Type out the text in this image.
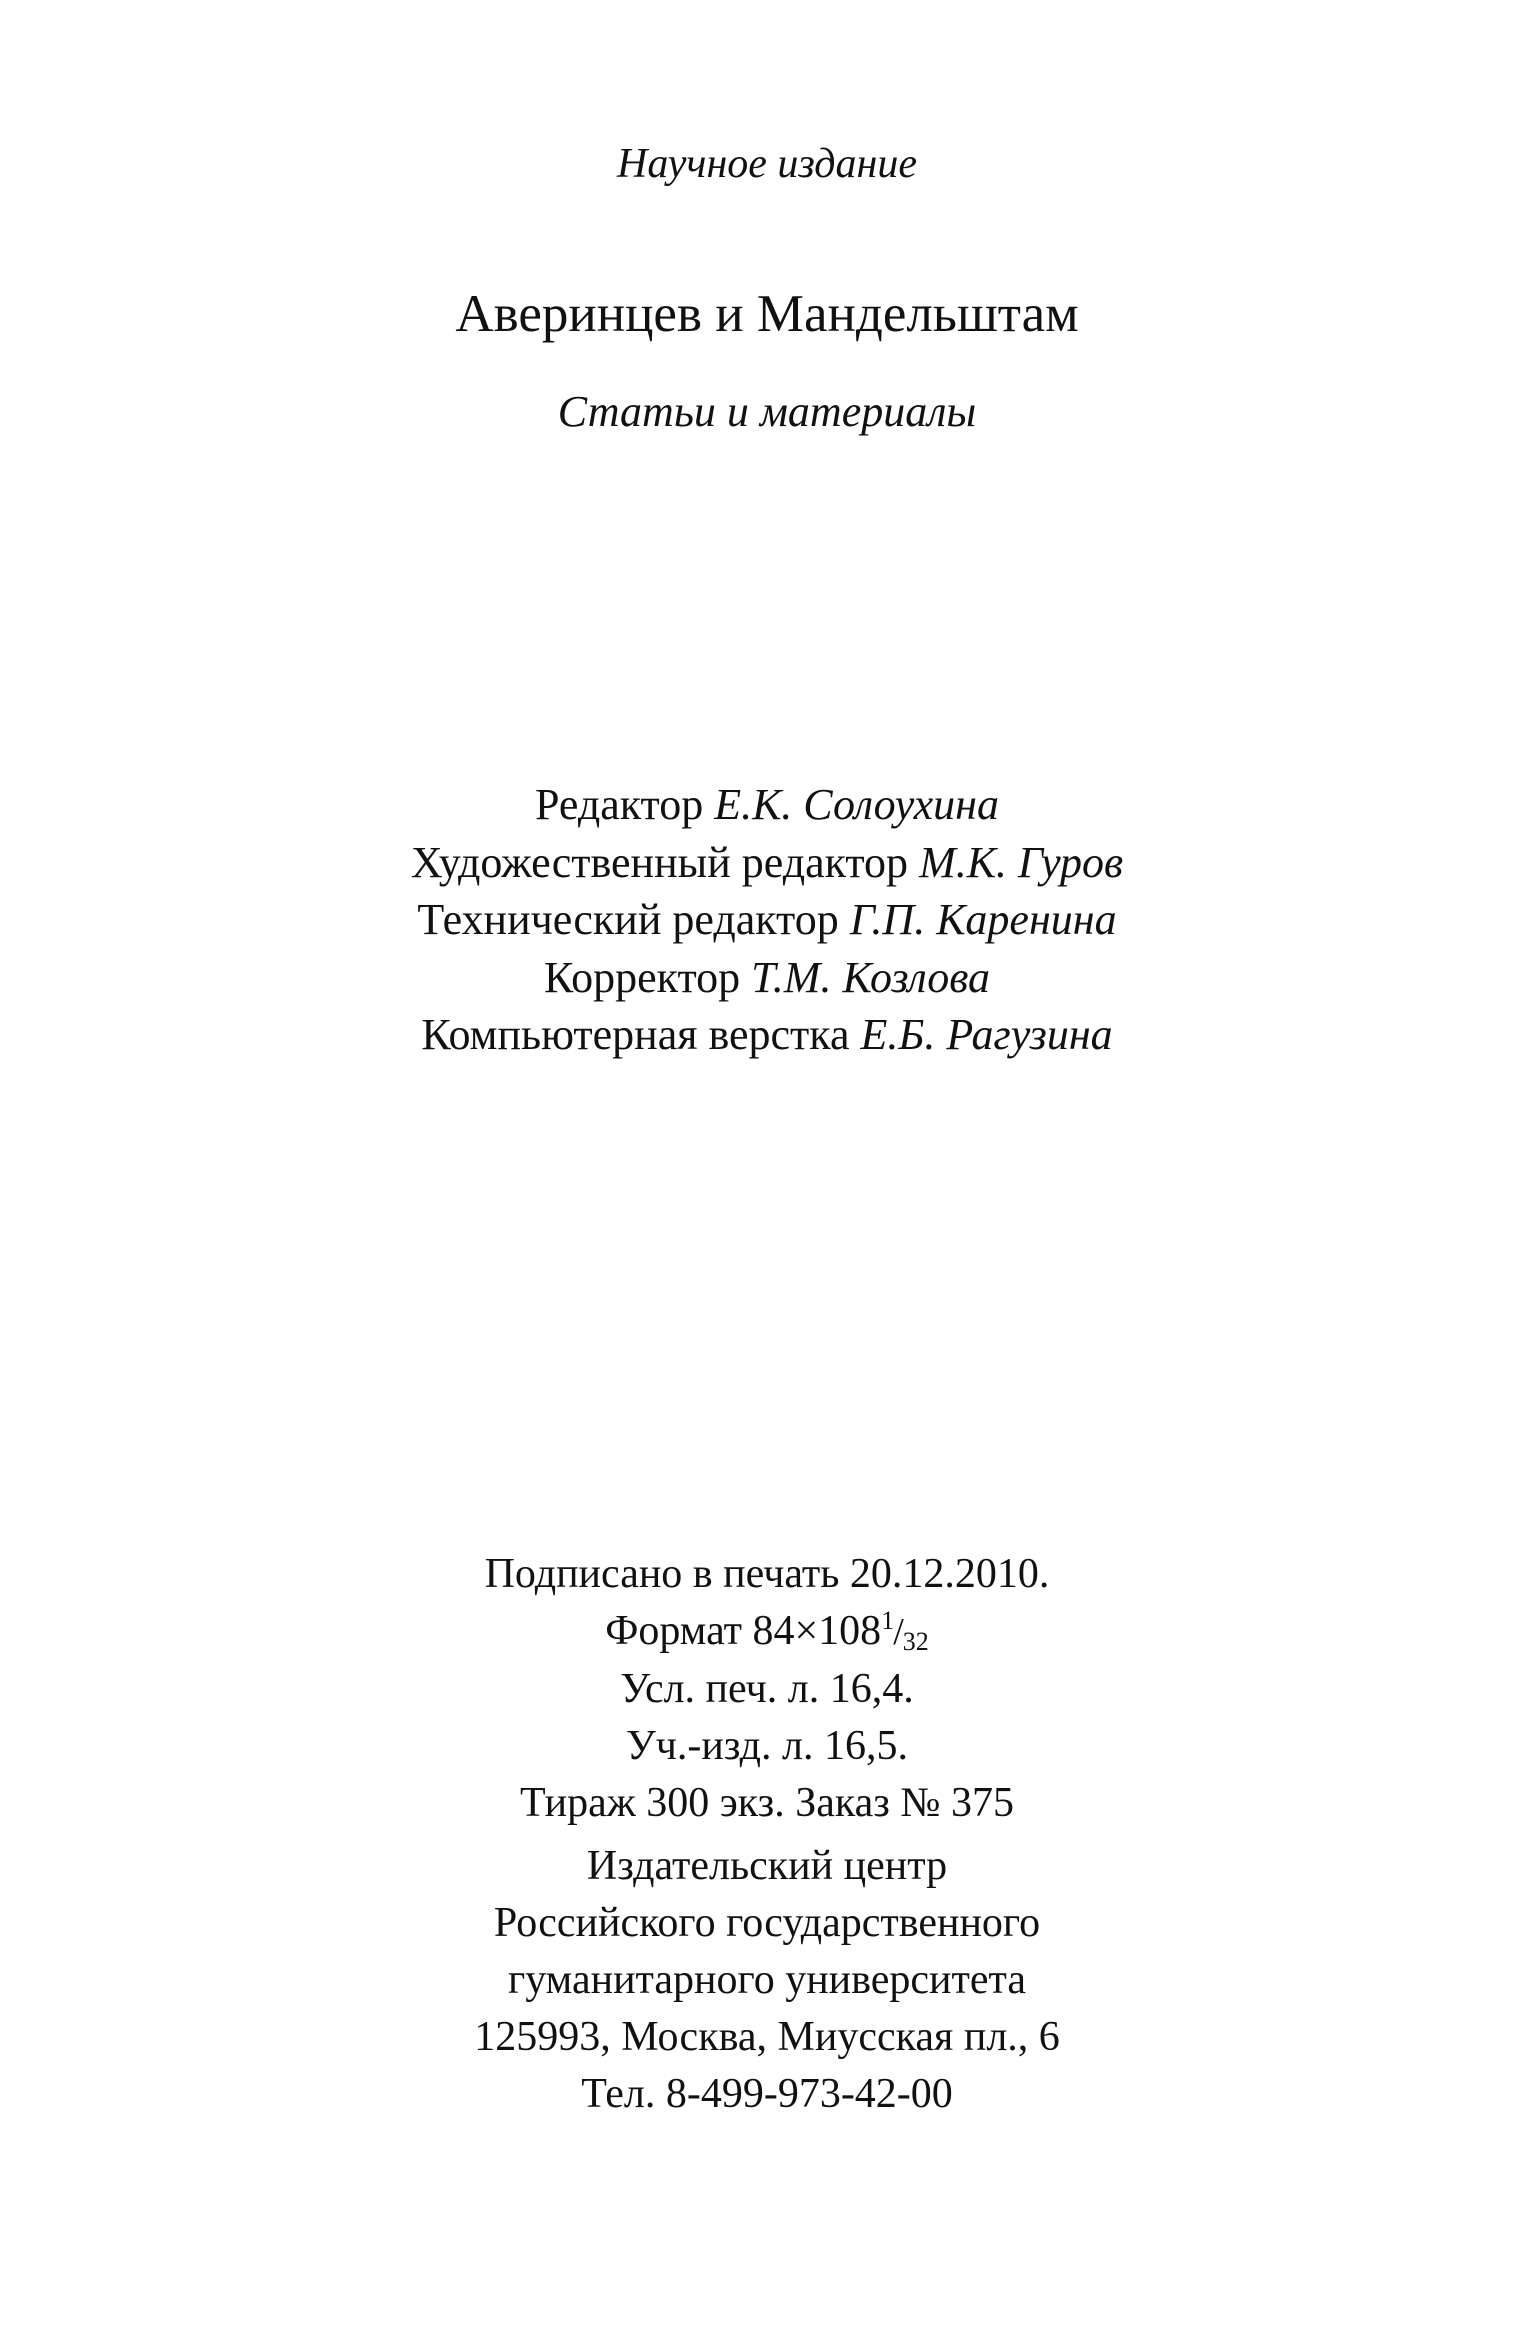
Научное издание
Аверинцев и Мандельштам
Статьи и материалы
Редактор Е.К. Солоухина
Художественный редактор М.К. Гуров
Технический редактор Г.П. Каренина
Корректор Т.М. Козлова
Компьютерная верстка Е.Б. Рагузина
Подписано в печать 20.12.2010.
Формат $84\times 108^1/_{32}$
Усл. печ. л. 16,4.
Уч.-изд. л. 16,5.
Тираж 300 экз. Заказ № 375
Издательский центр
Российского государственного
гуманитарного университета
125993, Москва, Миусская пл., 6
Тел. 8-499-973-42-00
